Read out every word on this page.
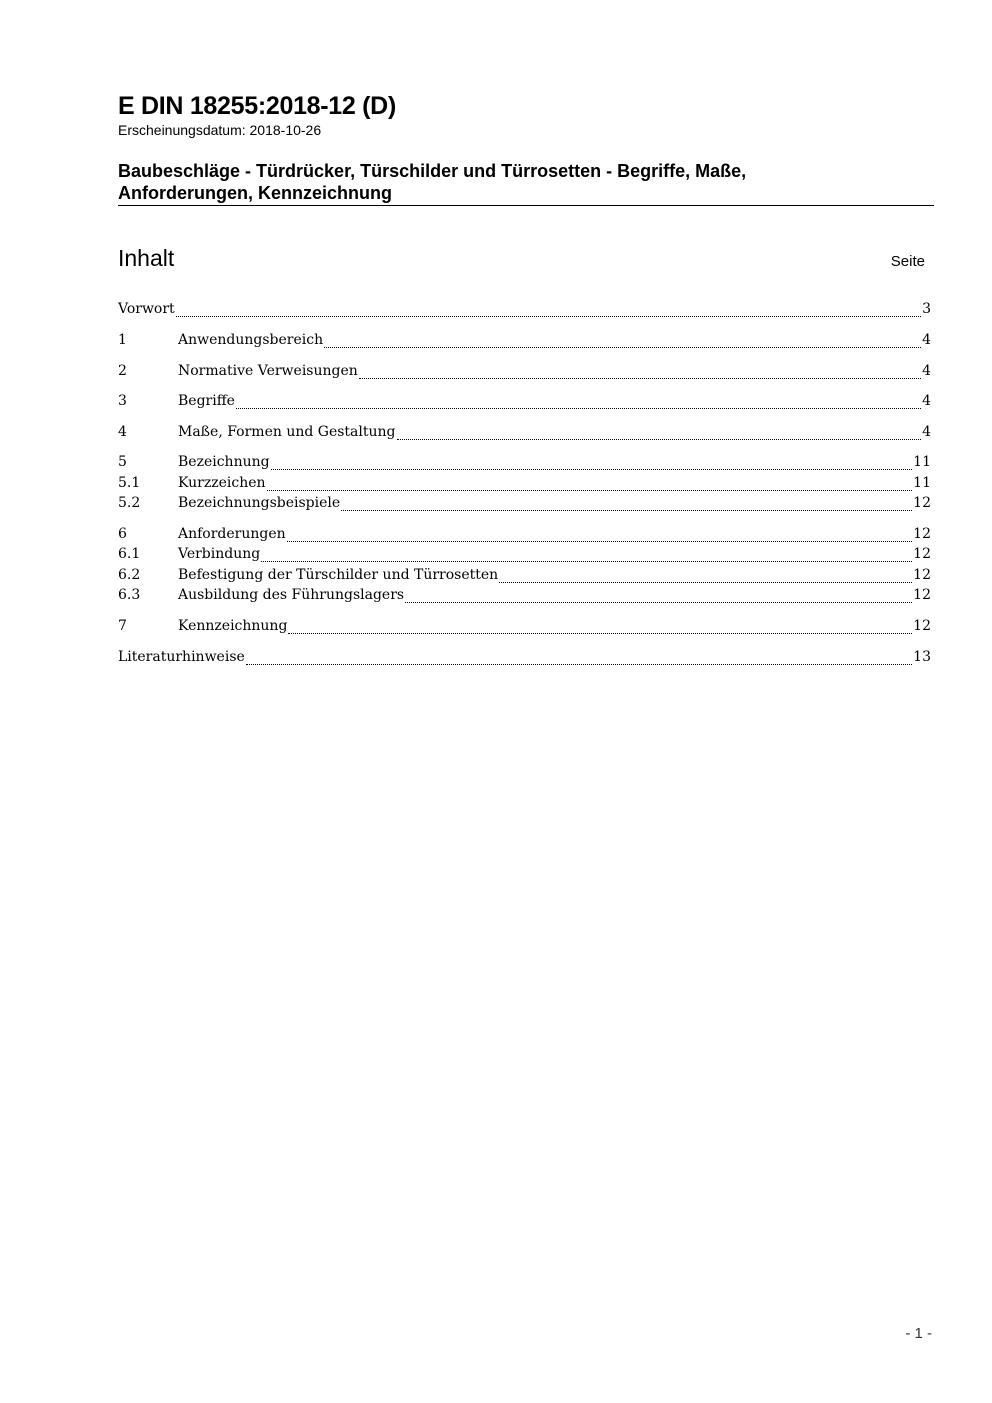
E DIN 18255:2018-12 (D)
Erscheinungsdatum: 2018-10-26
Baubeschläge - Türdrücker, Türschilder und Türrosetten - Begriffe, Maße,
Anforderungen, Kennzeichnung
Inhalt	Seite
Vorwort	3
1	Anwendungsbereich	4
2	Normative Verweisungen	4
3	Begriffe	4
4	Maße, Formen und Gestaltung	4
5	Bezeichnung	11
5.1	Kurzzeichen	11
5.2	Bezeichnungsbeispiele	12
6	Anforderungen	12
6.1	Verbindung	12
6.2	Befestigung der Türschilder und Türrosetten	12
6.3	Ausbildung des Führungslagers	12
7	Kennzeichnung	12
Literaturhinweise	13
- 1 -
